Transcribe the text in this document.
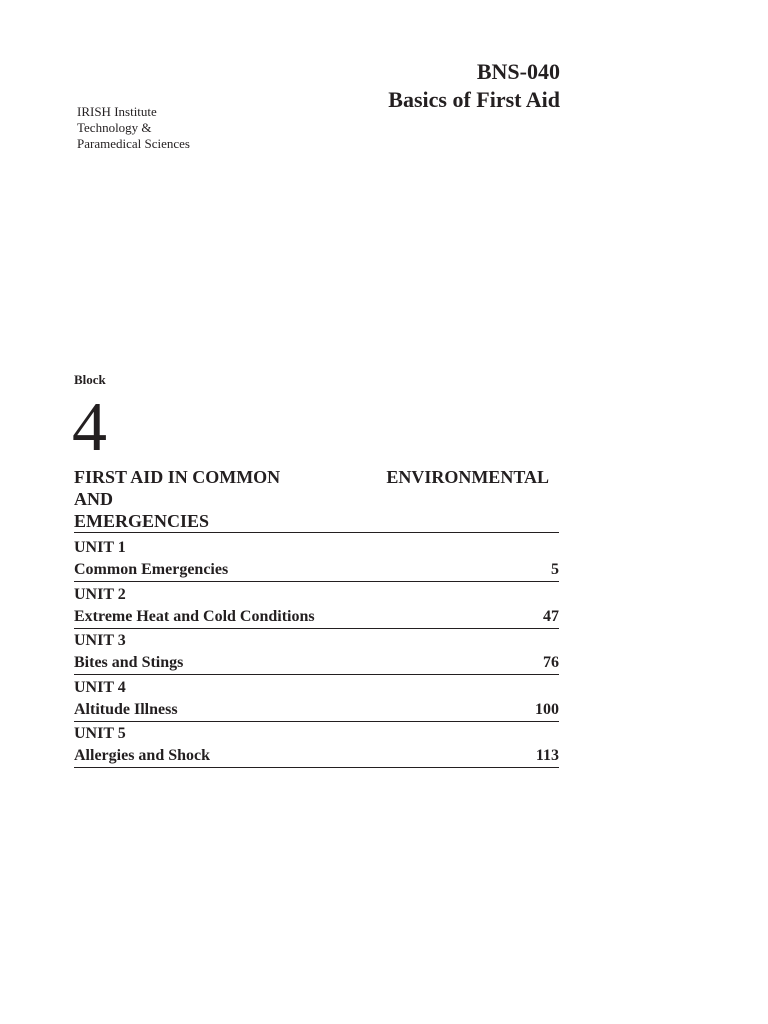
BNS-040
Basics of First Aid
IRISH Institute
Technology &
Paramedical Sciences
Block
4
FIRST AID IN COMMON	ENVIRONMENTAL
AND
EMERGENCIES
UNIT 1
Common Emergencies	5
UNIT 2
Extreme Heat and Cold Conditions	47
UNIT 3
Bites and Stings	76
UNIT 4
Altitude Illness	100
UNIT 5
Allergies and Shock	113
